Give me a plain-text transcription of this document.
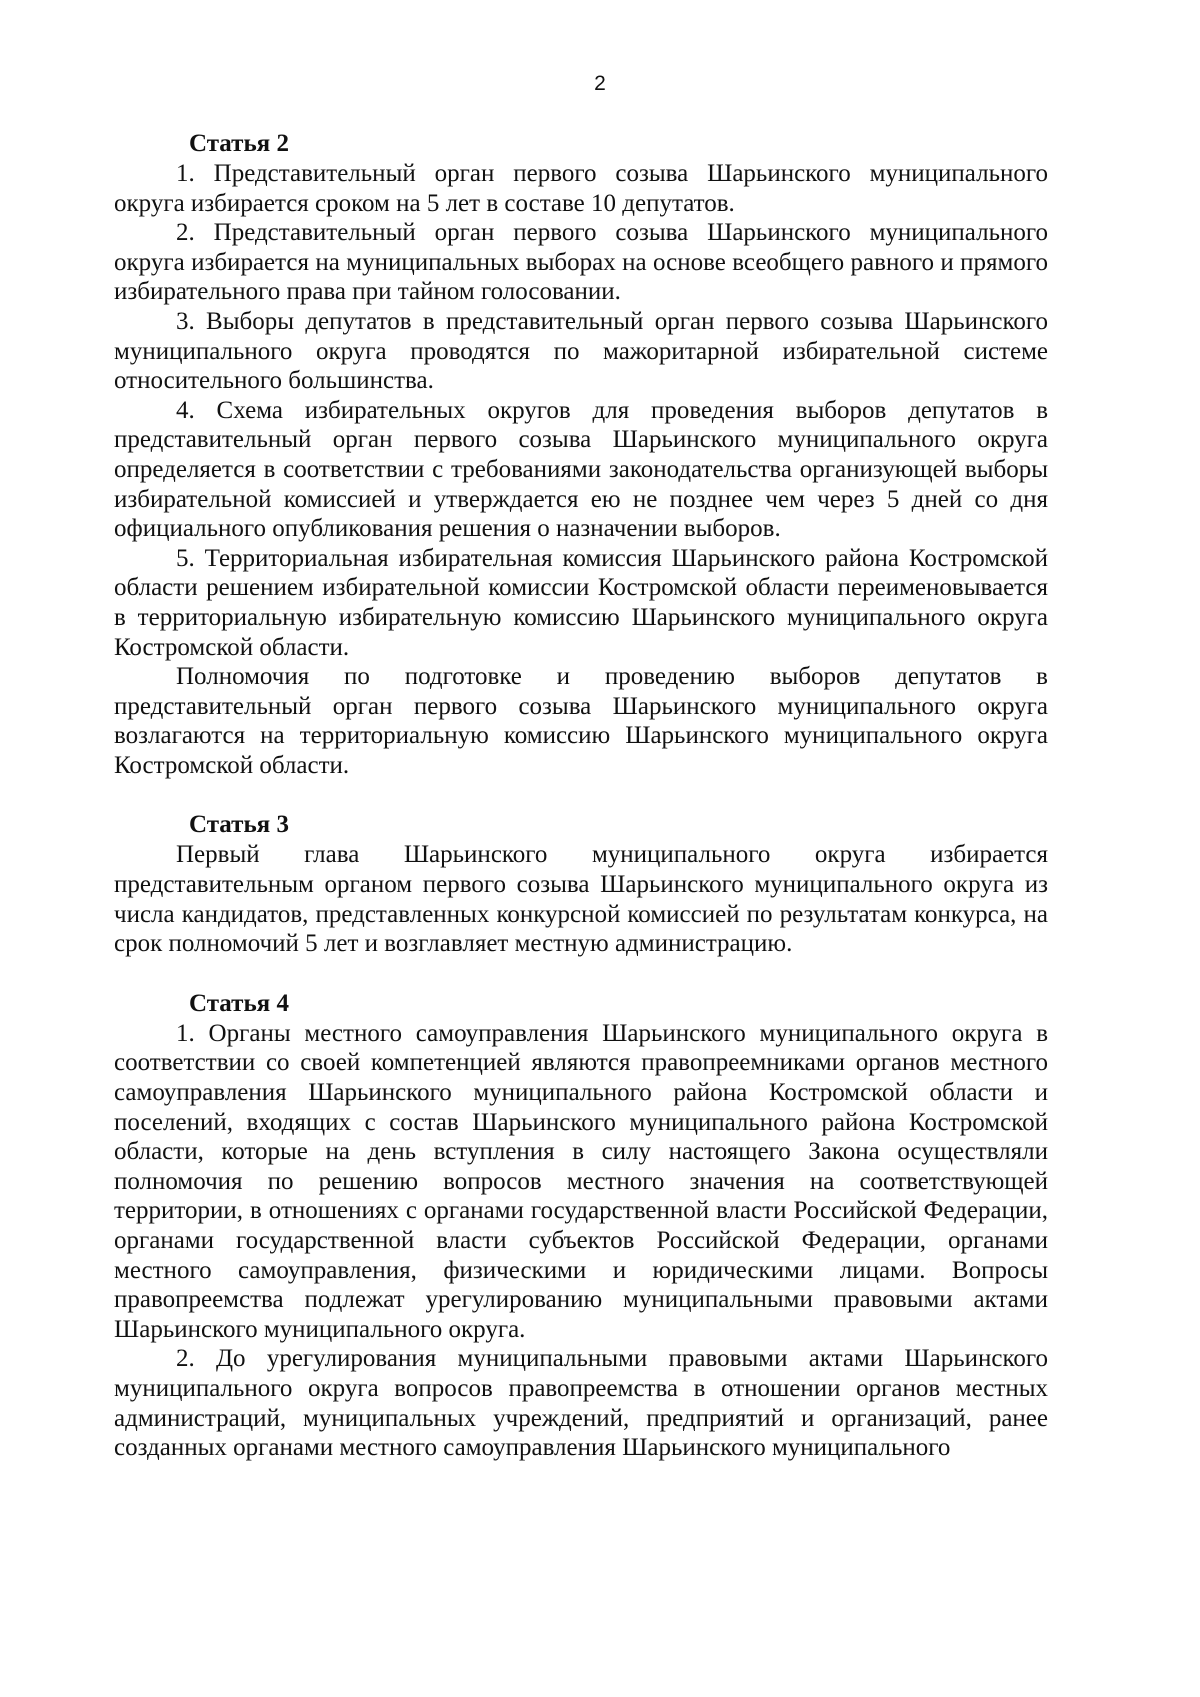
2
Статья 2

1. Представительный орган первого созыва Шарьинского муниципального округа избирается сроком на 5 лет в составе 10 депутатов.

2. Представительный орган первого созыва Шарьинского муниципального округа избирается на муниципальных выборах на основе всеобщего равного и прямого избирательного права при тайном голосовании.

3. Выборы депутатов в представительный орган первого созыва Шарьинского муниципального округа проводятся по мажоритарной избирательной системе относительного большинства.

4. Схема избирательных округов для проведения выборов депутатов в представительный орган первого созыва Шарьинского муниципального округа определяется в соответствии с требованиями законодательства организующей выборы избирательной комиссией и утверждается ею не позднее чем через 5 дней со дня официального опубликования решения о назначении выборов.

5. Территориальная избирательная комиссия Шарьинского района Костромской области решением избирательной комиссии Костромской области переименовывается в территориальную избирательную комиссию Шарьинского муниципального округа Костромской области.

Полномочия по подготовке и проведению выборов депутатов в представительный орган первого созыва Шарьинского муниципального округа возлагаются на территориальную комиссию Шарьинского муниципального округа Костромской области.

Статья 3

Первый глава Шарьинского муниципального округа избирается представительным органом первого созыва Шарьинского муниципального округа из числа кандидатов, представленных конкурсной комиссией по результатам конкурса, на срок полномочий 5 лет и возглавляет местную администрацию.

Статья 4

1. Органы местного самоуправления Шарьинского муниципального округа в соответствии со своей компетенцией являются правопреемниками органов местного самоуправления Шарьинского муниципального района Костромской области и поселений, входящих с состав Шарьинского муниципального района Костромской области, которые на день вступления в силу настоящего Закона осуществляли полномочия по решению вопросов местного значения на соответствующей территории, в отношениях с органами государственной власти Российской Федерации, органами государственной власти субъектов Российской Федерации, органами местного самоуправления, физическими и юридическими лицами. Вопросы правопреемства подлежат урегулированию муниципальными правовыми актами Шарьинского муниципального округа.

2. До урегулирования муниципальными правовыми актами Шарьинского муниципального округа вопросов правопреемства в отношении органов местных администраций, муниципальных учреждений, предприятий и организаций, ранее созданных органами местного самоуправления Шарьинского муниципального
